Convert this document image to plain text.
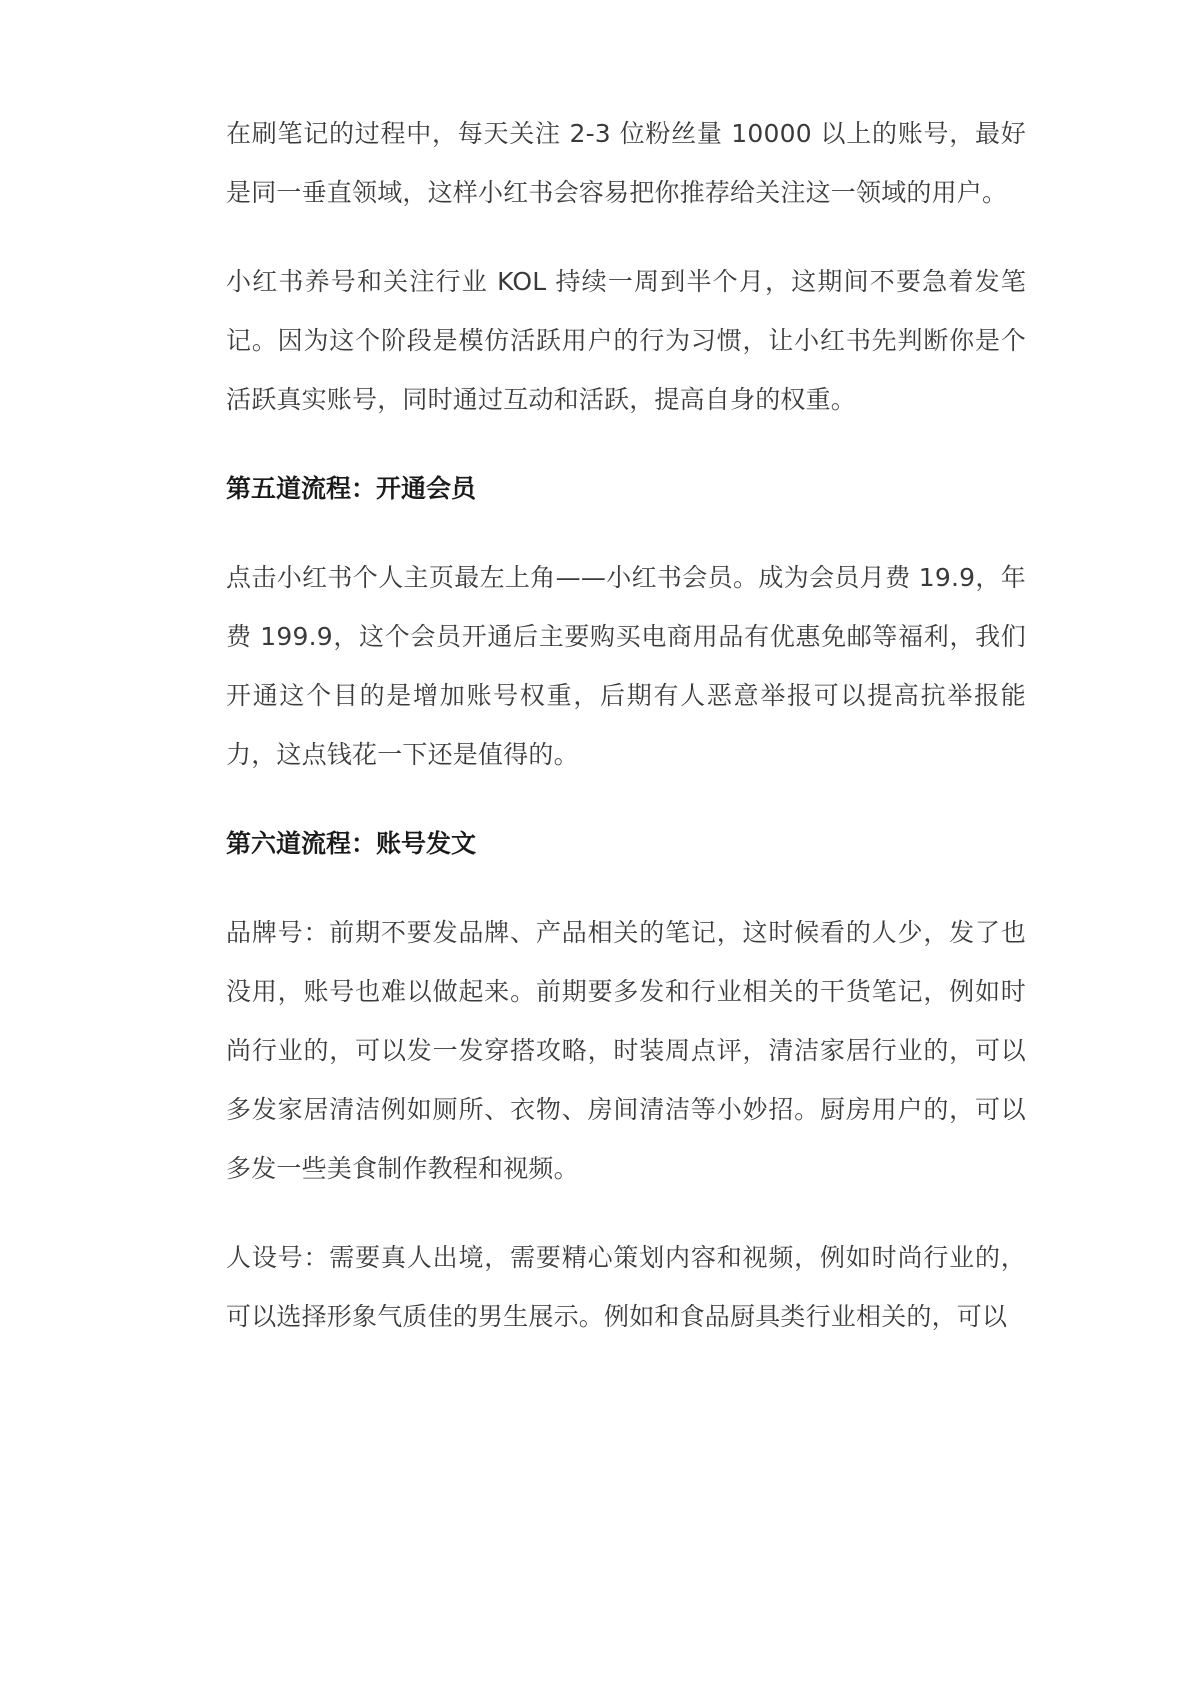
在刷笔记的过程中，每天关注 2-3 位粉丝量 10000 以上的账号，最好是同一垂直领域，这样小红书会容易把你推荐给关注这一领域的用户。

小红书养号和关注行业 KOL 持续一周到半个月，这期间不要急着发笔记。因为这个阶段是模仿活跃用户的行为习惯，让小红书先判断你是个活跃真实账号，同时通过互动和活跃，提高自身的权重。

第五道流程：开通会员

点击小红书个人主页最左上角——小红书会员。成为会员月费 19.9，年费 199.9，这个会员开通后主要购买电商用品有优惠免邮等福利，我们开通这个目的是增加账号权重，后期有人恶意举报可以提高抗举报能力，这点钱花一下还是值得的。

第六道流程：账号发文

品牌号：前期不要发品牌、产品相关的笔记，这时候看的人少，发了也没用，账号也难以做起来。前期要多发和行业相关的干货笔记，例如时尚行业的，可以发一发穿搭攻略，时装周点评，清洁家居行业的，可以多发家居清洁例如厕所、衣物、房间清洁等小妙招。厨房用户的，可以多发一些美食制作教程和视频。

人设号：需要真人出境，需要精心策划内容和视频，例如时尚行业的，可以选择形象气质佳的男生展示。例如和食品厨具类行业相关的，可以
